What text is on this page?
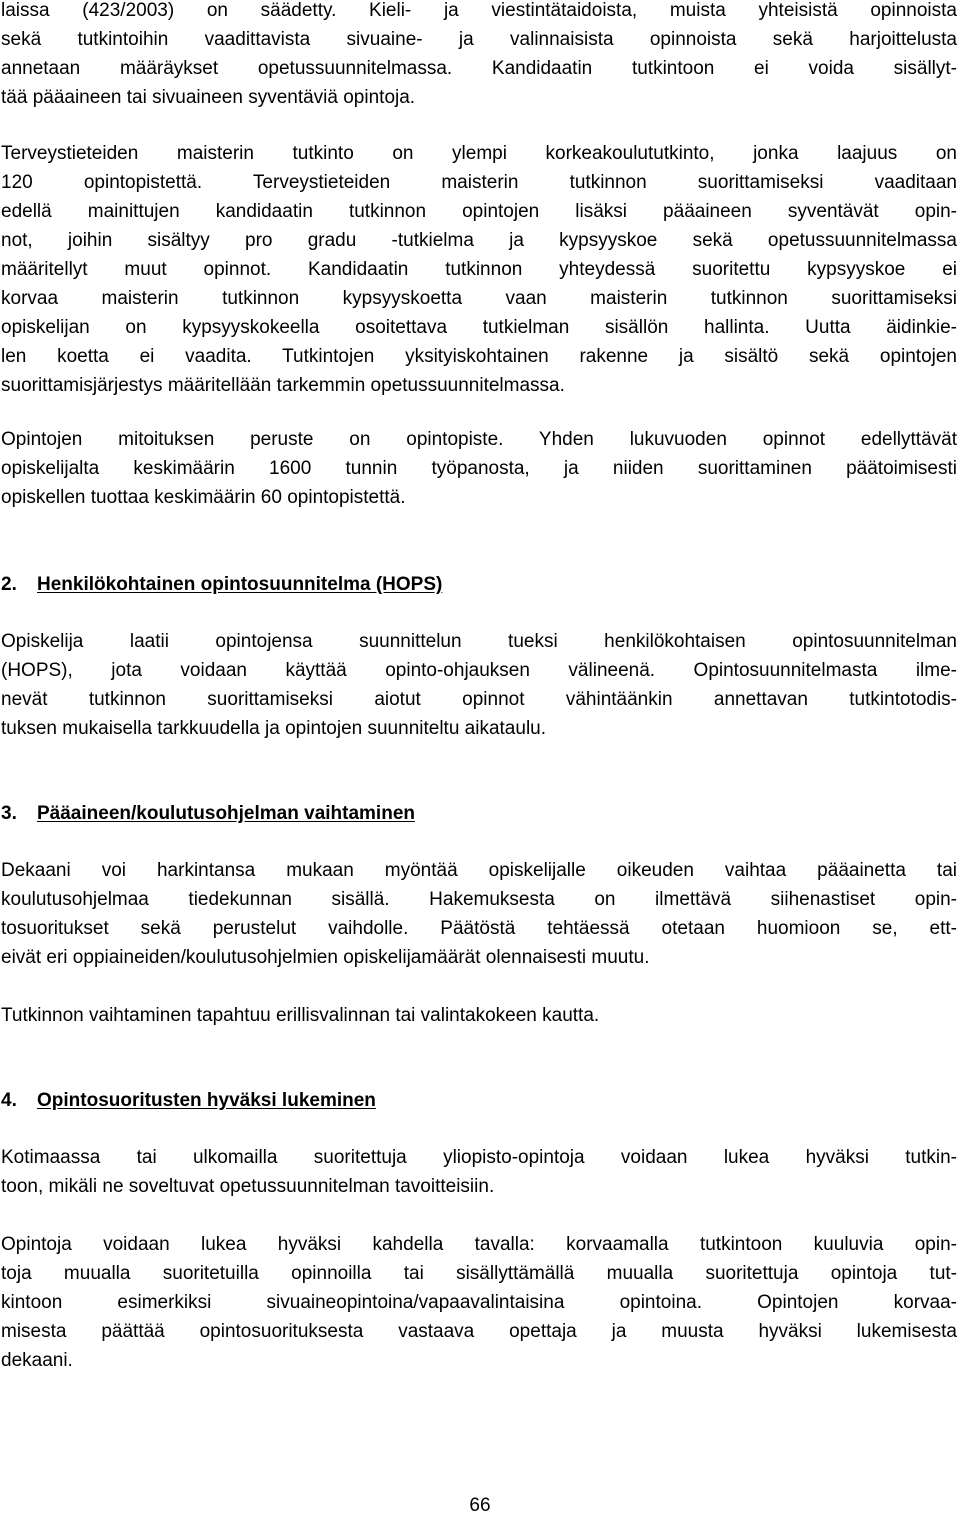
laissa (423/2003) on säädetty. Kieli- ja viestintätaidoista, muista yhteisistä opinnoista
sekä tutkintoihin vaadittavista sivuaine- ja valinnaisista opinnoista sekä harjoittelusta
annetaan määräykset opetussuunnitelmassa. Kandidaatin tutkintoon ei voida sisällyt-
tää pääaineen tai sivuaineen syventäviä opintoja.

Terveystieteiden maisterin tutkinto on ylempi korkeakoulututkinto, jonka laajuus on
120 opintopistettä. Terveystieteiden maisterin tutkinnon suorittamiseksi vaaditaan
edellä mainittujen kandidaatin tutkinnon opintojen lisäksi pääaineen syventävät opin-
not, joihin sisältyy pro gradu -tutkielma ja kypsyyskoe sekä opetussuunnitelmassa
määritellyt muut opinnot. Kandidaatin tutkinnon yhteydessä suoritettu kypsyyskoe ei
korvaa maisterin tutkinnon kypsyyskoetta vaan maisterin tutkinnon suorittamiseksi
opiskelijan on kypsyyskokeella osoitettava tutkielman sisällön hallinta. Uutta äidinkie-
len koetta ei vaadita. Tutkintojen yksityiskohtainen rakenne ja sisältö sekä opintojen
suorittamisjärjestys määritellään tarkemmin opetussuunnitelmassa.

Opintojen mitoituksen peruste on opintopiste. Yhden lukuvuoden opinnot edellyttävät
opiskelijalta keskimäärin 1600 tunnin työpanosta, ja niiden suorittaminen päätoimisesti
opiskellen tuottaa keskimäärin 60 opintopistettä.

2. Henkilökohtainen opintosuunnitelma (HOPS)

Opiskelija laatii opintojensa suunnittelun tueksi henkilökohtaisen opintosuunnitelman
(HOPS), jota voidaan käyttää opinto-ohjauksen välineenä. Opintosuunnitelmasta ilme-
nevät tutkinnon suorittamiseksi aiotut opinnot vähintäänkin annettavan tutkintotodis-
tuksen mukaisella tarkkuudella ja opintojen suunniteltu aikataulu.

3. Pääaineen/koulutusohjelman vaihtaminen

Dekaani voi harkintansa mukaan myöntää opiskelijalle oikeuden vaihtaa pääainetta tai
koulutusohjelmaa tiedekunnan sisällä. Hakemuksesta on ilmettävä siihenastiset opin-
tosuoritukset sekä perustelut vaihdolle. Päätöstä tehtäessä otetaan huomioon se, ett-
eivät eri oppiaineiden/koulutusohjelmien opiskelijamäärät olennaisesti muutu.

Tutkinnon vaihtaminen tapahtuu erillisvalinnan tai valintakokeen kautta.

4. Opintosuoritusten hyväksi lukeminen

Kotimaassa tai ulkomailla suoritettuja yliopisto-opintoja voidaan lukea hyväksi tutkin-
toon, mikäli ne soveltuvat opetussuunnitelman tavoitteisiin.

Opintoja voidaan lukea hyväksi kahdella tavalla: korvaamalla tutkintoon kuuluvia opin-
toja muualla suoritetuilla opinnoilla tai sisällyttämällä muualla suoritettuja opintoja tut-
kintoon esimerkiksi sivuaineopintoina/vapaavalintaisina opintoina. Opintojen korvaa-
misesta päättää opintosuorituksesta vastaava opettaja ja muusta hyväksi lukemisesta
dekaani.

66
